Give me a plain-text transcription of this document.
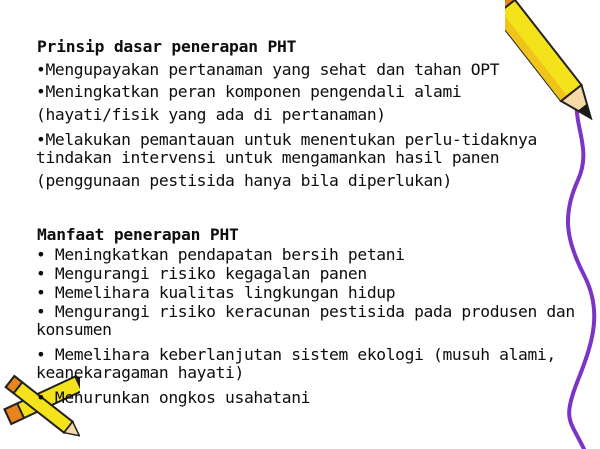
Prinsip dasar penerapan PHT
•Mengupayakan pertanaman yang sehat dan tahan OPT
•Meningkatkan peran komponen pengendali alami
(hayati/fisik yang ada di pertanaman)
•Melakukan pemantauan untuk menentukan perlu-tidaknya
tindakan intervensi untuk mengamankan hasil panen
(penggunaan pestisida hanya bila diperlukan)
Manfaat penerapan PHT
• Meningkatkan pendapatan bersih petani
• Mengurangi risiko kegagalan panen
• Memelihara kualitas lingkungan hidup
• Mengurangi risiko keracunan pestisida pada produsen dan
konsumen
• Memelihara keberlanjutan sistem ekologi (musuh alami,
keanekaragaman hayati)
• Menurunkan ongkos usahatani
